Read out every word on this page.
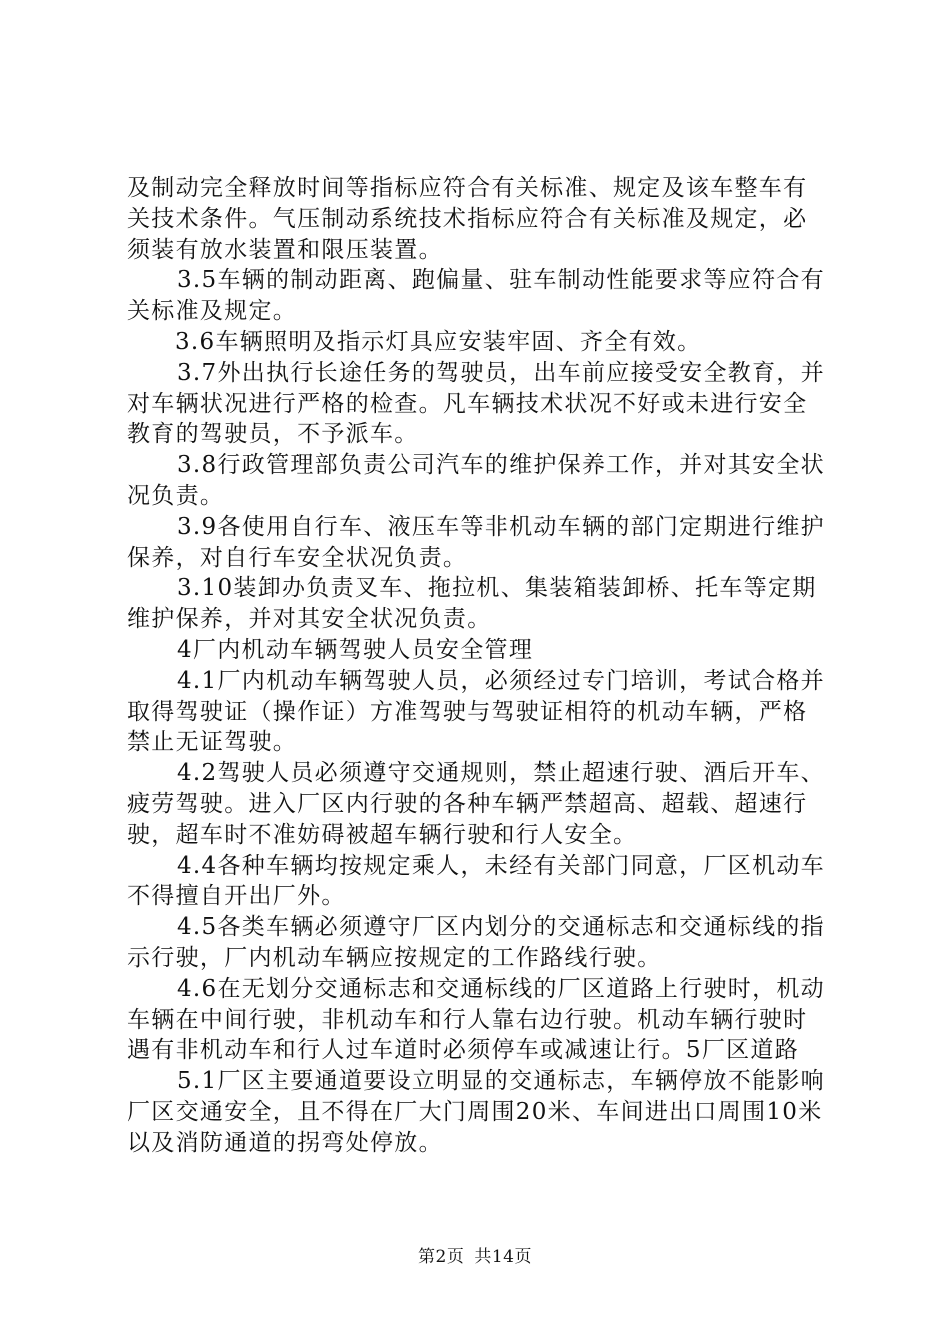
及制动完全释放时间等指标应符合有关标准、规定及该车整车有关技术条件。气压制动系统技术指标应符合有关标准及规定，必须装有放水装置和限压装置。

3.5车辆的制动距离、跑偏量、驻车制动性能要求等应符合有关标准及规定。

3.6车辆照明及指示灯具应安装牢固、齐全有效。

3.7外出执行长途任务的驾驶员，出车前应接受安全教育，并对车辆状况进行严格的检查。凡车辆技术状况不好或未进行安全教育的驾驶员，不予派车。

3.8行政管理部负责公司汽车的维护保养工作，并对其安全状况负责。

3.9各使用自行车、液压车等非机动车辆的部门定期进行维护保养，对自行车安全状况负责。

3.10装卸办负责叉车、拖拉机、集装箱装卸桥、托车等定期维护保养，并对其安全状况负责。

4厂内机动车辆驾驶人员安全管理

4.1厂内机动车辆驾驶人员，必须经过专门培训，考试合格并取得驾驶证（操作证）方准驾驶与驾驶证相符的机动车辆，严格禁止无证驾驶。

4.2驾驶人员必须遵守交通规则，禁止超速行驶、酒后开车、疲劳驾驶。进入厂区内行驶的各种车辆严禁超高、超载、超速行驶，超车时不准妨碍被超车辆行驶和行人安全。

4.4各种车辆均按规定乘人，未经有关部门同意，厂区机动车不得擅自开出厂外。

4.5各类车辆必须遵守厂区内划分的交通标志和交通标线的指示行驶，厂内机动车辆应按规定的工作路线行驶。

4.6在无划分交通标志和交通标线的厂区道路上行驶时，机动车辆在中间行驶，非机动车和行人靠右边行驶。机动车辆行驶时遇有非机动车和行人过车道时必须停车或减速让行。5厂区道路

5.1厂区主要通道要设立明显的交通标志，车辆停放不能影响厂区交通安全，且不得在厂大门周围20米、车间进出口周围10米以及消防通道的拐弯处停放。

第2页 共14页
